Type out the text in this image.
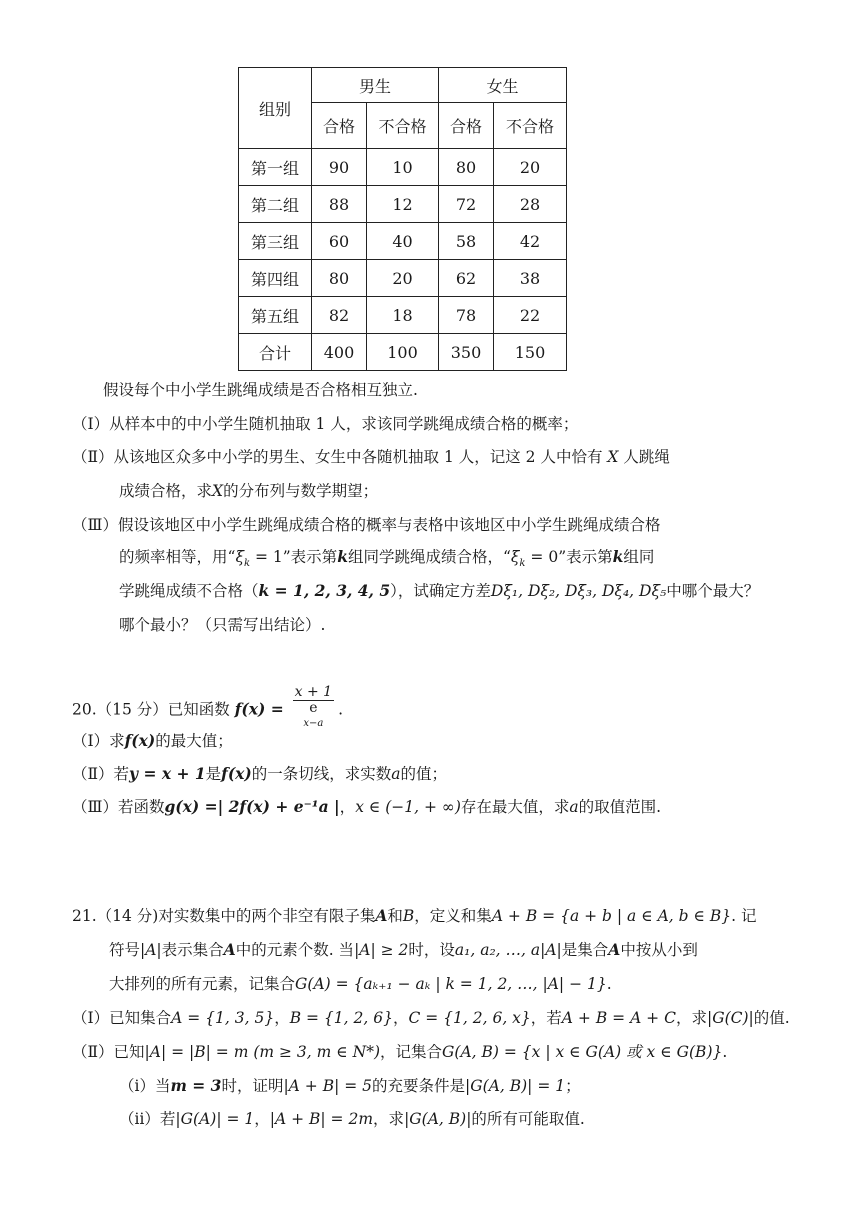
组别	男生		女生	
	合格	不合格	合格	不合格
第一组	90	10	80	20
第二组	88	12	72	28
第三组	60	40	58	42
第四组	80	20	62	38
第五组	82	18	78	22
合计	400	100	350	150
假设每个中小学生跳绳成绩是否合格相互独立.
（Ⅰ）从样本中的中小学生随机抽取 1 人，求该同学跳绳成绩合格的概率；
（Ⅱ）从该地区众多中小学的男生、女生中各随机抽取 1 人，记这 2 人中恰有 X 人跳绳
成绩合格，求X的分布列与数学期望；
（Ⅲ）假设该地区中小学生跳绳成绩合格的概率与表格中该地区中小学生跳绳成绩合格
的频率相等，用“$\xi_k = 1$”表示第k组同学跳绳成绩合格，“$\xi_k = 0$”表示第k组同
学跳绳成绩不合格（k = 1, 2, 3, 4, 5），试确定方差Dξ₁, Dξ₂, Dξ₃, Dξ₄, Dξ₅中哪个最大？
哪个最小？（只需写出结论）.
20.（15 分）已知函数 f(x) = x + 1
e
$^{x-a}$ .
（Ⅰ）求f(x)的最大值；
（Ⅱ）若y = x + 1是f(x)的一条切线，求实数a的值；
（Ⅲ）若函数g(x) =| 2f(x) + e⁻¹a |，x ∈ (−1, + ∞)存在最大值，求a的取值范围.
21.（14 分)对实数集中的两个非空有限子集A和B，定义和集A + B = {a + b | a ∈ A, b ∈ B}. 记
符号|A|表示集合A中的元素个数. 当|A| ≥ 2时，设a₁, a₂, …, a|A|是集合A中按从小到
大排列的所有元素，记集合G(A) = {aₖ₊₁ − aₖ | k = 1, 2, …, |A| − 1}.
（Ⅰ）已知集合A = {1, 3, 5}，B = {1, 2, 6}，C = {1, 2, 6, x}，若A + B = A + C，求|G(C)|的值.
（Ⅱ）已知|A| = |B| = m (m ≥ 3, m ∈ N*)，记集合G(A, B) = {x | x ∈ G(A) 或 x ∈ G(B)}.
（ⅰ）当m = 3时，证明|A + B| = 5的充要条件是|G(A, B)| = 1；
（ⅱ）若|G(A)| = 1，|A + B| = 2m，求|G(A, B)|的所有可能取值.
